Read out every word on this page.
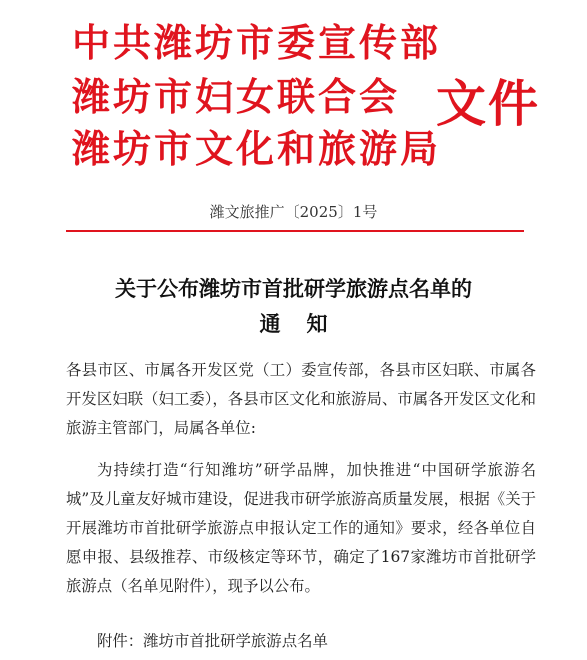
中共潍坊市委宣传部
潍坊市妇女联合会
潍坊市文化和旅游局
文件
潍文旅推广〔2025〕1号
关于公布潍坊市首批研学旅游点名单的
通知
各县市区、市属各开发区党（工）委宣传部，各县市区妇联、市属各开发区妇联（妇工委），各县市区文化和旅游局、市属各开发区文化和旅游主管部门，局属各单位:
为持续打造“行知潍坊”研学品牌，加快推进“中国研学旅游名城”及儿童友好城市建设，促进我市研学旅游高质量发展，根据《关于开展潍坊市首批研学旅游点申报认定工作的通知》要求，经各单位自愿申报、县级推荐、市级核定等环节，确定了167家潍坊市首批研学旅游点（名单见附件），现予以公布。
附件：潍坊市首批研学旅游点名单
